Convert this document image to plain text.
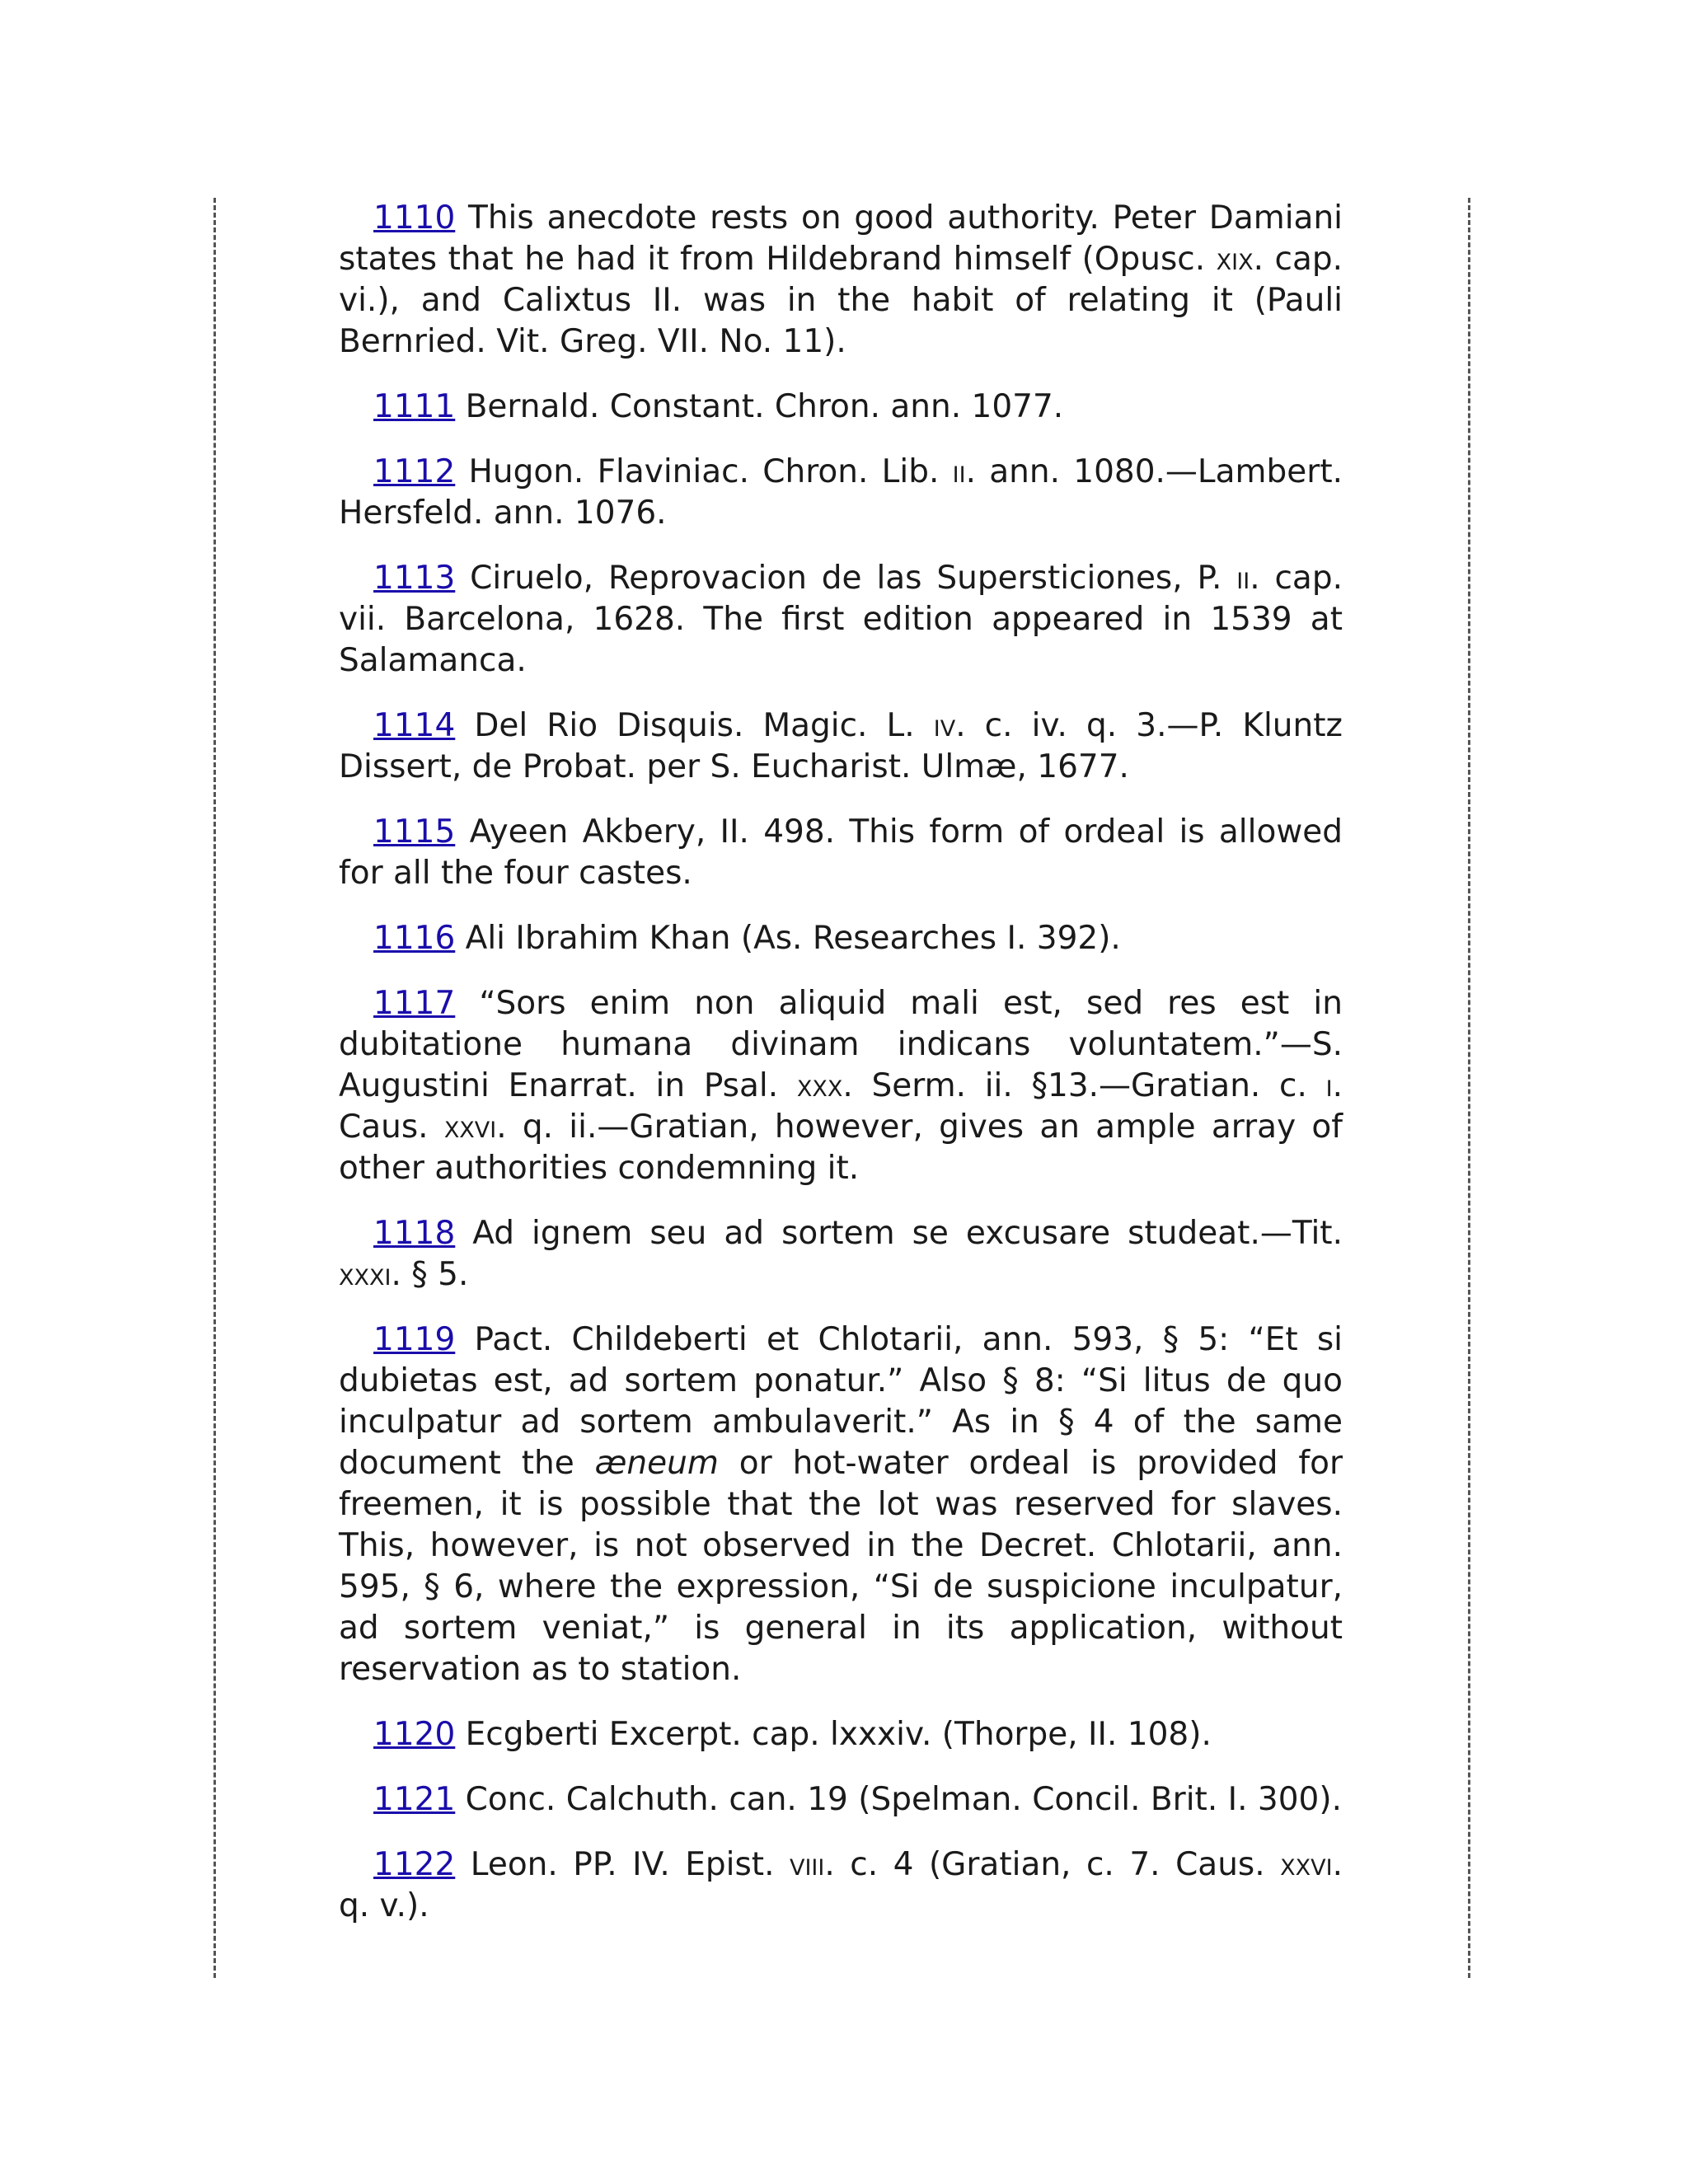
1110 This anecdote rests on good authority. Peter Damiani states that he had it from Hildebrand himself (Opusc. xix. cap. vi.), and Calixtus II. was in the habit of relating it (Pauli Bernried. Vit. Greg. VII. No. 11).

1111 Bernald. Constant. Chron. ann. 1077.

1112 Hugon. Flaviniac. Chron. Lib. ii. ann. 1080.—Lambert. Hersfeld. ann. 1076.

1113 Ciruelo, Reprovacion de las Supersticiones, P. ii. cap. vii. Barcelona, 1628. The first edition appeared in 1539 at Salamanca.

1114 Del Rio Disquis. Magic. L. iv. c. iv. q. 3.—P. Kluntz Dissert, de Probat. per S. Eucharist. Ulmæ, 1677.

1115 Ayeen Akbery, II. 498. This form of ordeal is allowed for all the four castes.

1116 Ali Ibrahim Khan (As. Researches I. 392).

1117 “Sors enim non aliquid mali est, sed res est in dubitatione humana divinam indicans voluntatem.”—S. Augustini Enarrat. in Psal. xxx. Serm. ii. §13.—Gratian. c. i. Caus. xxvi. q. ii.—Gratian, however, gives an ample array of other authorities condemning it.

1118 Ad ignem seu ad sortem se excusare studeat.—Tit. xxxi. § 5.

1119 Pact. Childeberti et Chlotarii, ann. 593, § 5: “Et si dubietas est, ad sortem ponatur.” Also § 8: “Si litus de quo inculpatur ad sortem ambulaverit.” As in § 4 of the same document the æneum or hot-water ordeal is provided for freemen, it is possible that the lot was reserved for slaves. This, however, is not observed in the Decret. Chlotarii, ann. 595, § 6, where the expression, “Si de suspicione inculpatur, ad sortem veniat,” is general in its application, without reservation as to station.

1120 Ecgberti Excerpt. cap. lxxxiv. (Thorpe, II. 108).

1121 Conc. Calchuth. can. 19 (Spelman. Concil. Brit. I. 300).

1122 Leon. PP. IV. Epist. viii. c. 4 (Gratian, c. 7. Caus. xxvi. q. v.).
